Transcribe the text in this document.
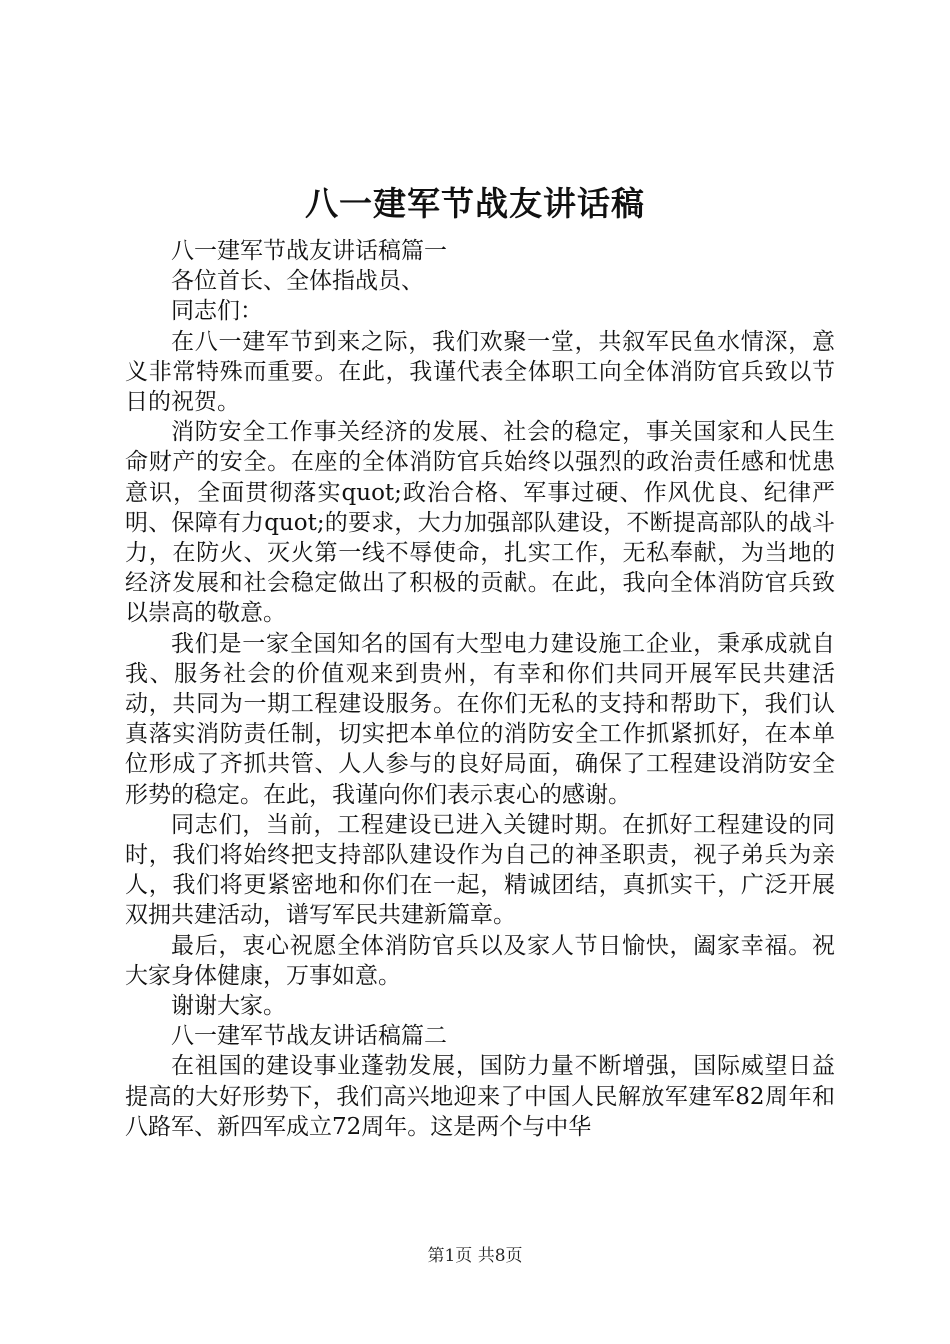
八一建军节战友讲话稿

八一建军节战友讲话稿篇一

各位首长、全体指战员、

同志们：

在八一建军节到来之际，我们欢聚一堂，共叙军民鱼水情深，意义非常特殊而重要。在此，我谨代表全体职工向全体消防官兵致以节日的祝贺。

消防安全工作事关经济的发展、社会的稳定，事关国家和人民生命财产的安全。在座的全体消防官兵始终以强烈的政治责任感和忧患意识，全面贯彻落实quot;政治合格、军事过硬、作风优良、纪律严明、保障有力quot;的要求，大力加强部队建设，不断提高部队的战斗力，在防火、灭火第一线不辱使命，扎实工作，无私奉献，为当地的经济发展和社会稳定做出了积极的贡献。在此，我向全体消防官兵致以崇高的敬意。

我们是一家全国知名的国有大型电力建设施工企业，秉承成就自我、服务社会的价值观来到贵州，有幸和你们共同开展军民共建活动，共同为一期工程建设服务。在你们无私的支持和帮助下，我们认真落实消防责任制，切实把本单位的消防安全工作抓紧抓好，在本单位形成了齐抓共管、人人参与的良好局面，确保了工程建设消防安全形势的稳定。在此，我谨向你们表示衷心的感谢。

同志们，当前，工程建设已进入关键时期。在抓好工程建设的同时，我们将始终把支持部队建设作为自己的神圣职责，视子弟兵为亲人，我们将更紧密地和你们在一起，精诚团结，真抓实干，广泛开展双拥共建活动，谱写军民共建新篇章。

最后，衷心祝愿全体消防官兵以及家人节日愉快，阖家幸福。祝大家身体健康，万事如意。

谢谢大家。

八一建军节战友讲话稿篇二

在祖国的建设事业蓬勃发展，国防力量不断增强，国际威望日益提高的大好形势下，我们高兴地迎来了中国人民解放军建军82周年和八路军、新四军成立72周年。这是两个与中华

第1页 共8页
